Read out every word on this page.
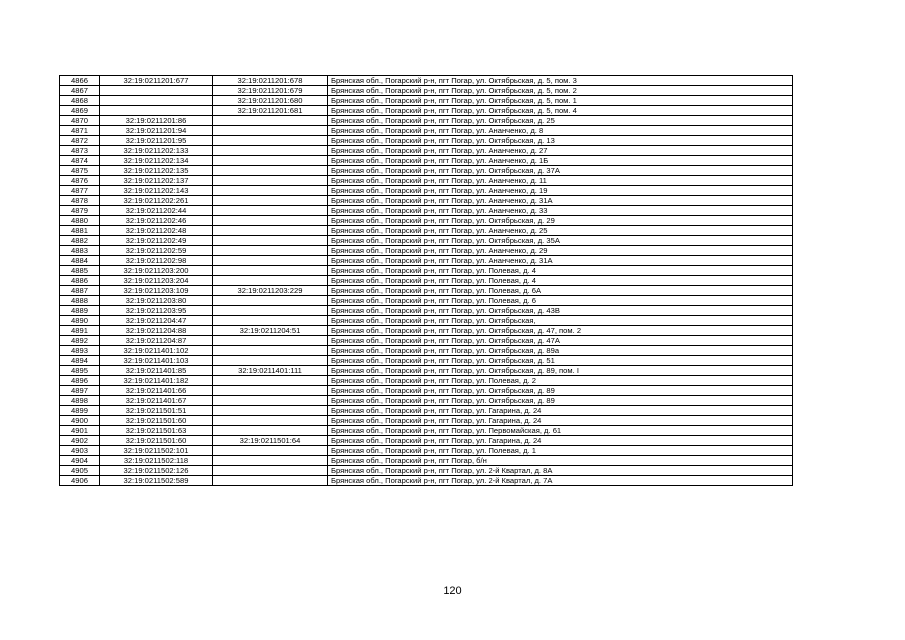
4866	32:19:0211201:677	32:19:0211201:678	Брянская обл., Погарский р-н, пгт Погар, ул. Октябрьская, д. 5, пом. 3
4867		32:19:0211201:679	Брянская обл., Погарский р-н, пгт Погар, ул. Октябрьская, д. 5, пом. 2
4868		32:19:0211201:680	Брянская обл., Погарский р-н, пгт Погар, ул. Октябрьская, д. 5, пом. 1
4869		32:19:0211201:681	Брянская обл., Погарский р-н, пгт Погар, ул. Октябрьская, д. 5, пом. 4
4870	32:19:0211201:86		Брянская обл., Погарский р-н, пгт Погар, ул. Октябрьская, д. 25
4871	32:19:0211201:94		Брянская обл., Погарский р-н, пгт Погар, ул. Ананченко, д. 8
4872	32:19:0211201:95		Брянская обл., Погарский р-н, пгт Погар, ул. Октябрьская, д. 13
4873	32:19:0211202:133		Брянская обл., Погарский р-н, пгт Погар, ул. Ананченко, д. 27
4874	32:19:0211202:134		Брянская обл., Погарский р-н, пгт Погар, ул. Ананченко, д. 1Б
4875	32:19:0211202:135		Брянская обл., Погарский р-н, пгт Погар, ул. Октябрьская, д. 37А
4876	32:19:0211202:137		Брянская обл., Погарский р-н, пгт Погар, ул. Ананченко, д. 11
4877	32:19:0211202:143		Брянская обл., Погарский р-н, пгт Погар, ул. Ананченко, д. 19
4878	32:19:0211202:261		Брянская обл., Погарский р-н, пгт Погар, ул. Ананченко, д. 31А
4879	32:19:0211202:44		Брянская обл., Погарский р-н, пгт Погар, ул. Ананченко, д. 33
4880	32:19:0211202:46		Брянская обл., Погарский р-н, пгт Погар, ул. Октябрьская, д. 29
4881	32:19:0211202:48		Брянская обл., Погарский р-н, пгт Погар, ул. Ананченко, д. 25
4882	32:19:0211202:49		Брянская обл., Погарский р-н, пгт Погар, ул. Октябрьская, д. 35А
4883	32:19:0211202:59		Брянская обл., Погарский р-н, пгт Погар, ул. Ананченко, д. 29
4884	32:19:0211202:98		Брянская обл., Погарский р-н, пгт Погар, ул. Ананченко, д. 31А
4885	32:19:0211203:200		Брянская обл., Погарский р-н, пгт Погар, ул. Полевая, д. 4
4886	32:19:0211203:204		Брянская обл., Погарский р-н, пгт Погар, ул. Полевая, д. 4
4887	32:19:0211203:109	32:19:0211203:229	Брянская обл., Погарский р-н, пгт Погар, ул. Полевая, д. 6А
4888	32:19:0211203:80		Брянская обл., Погарский р-н, пгт Погар, ул. Полевая, д. 6
4889	32:19:0211203:95		Брянская обл., Погарский р-н, пгт Погар, ул. Октябрьская, д. 43В
4890	32:19:0211204:47		Брянская обл., Погарский р-н, пгт Погар, ул. Октябрьская,
4891	32:19:0211204:88	32:19:0211204:51	Брянская обл., Погарский р-н, пгт Погар, ул. Октябрьская, д. 47, пом. 2
4892	32:19:0211204:87		Брянская обл., Погарский р-н, пгт Погар, ул. Октябрьская, д. 47А
4893	32:19:0211401:102		Брянская обл., Погарский р-н, пгт Погар, ул. Октябрьская, д. 89а
4894	32:19:0211401:103		Брянская обл., Погарский р-н, пгт Погар, ул. Октябрьская, д. 51
4895	32:19:0211401:85	32:19:0211401:111	Брянская обл., Погарский р-н, пгт Погар, ул. Октябрьская, д. 89, пом. I
4896	32:19:0211401:182		Брянская обл., Погарский р-н, пгт Погар, ул. Полевая, д. 2
4897	32:19:0211401:66		Брянская обл., Погарский р-н, пгт Погар, ул. Октябрьская, д. 89
4898	32:19:0211401:67		Брянская обл., Погарский р-н, пгт Погар, ул. Октябрьская, д. 89
4899	32:19:0211501:51		Брянская обл., Погарский р-н, пгт Погар, ул. Гагарина, д. 24
4900	32:19:0211501:60		Брянская обл., Погарский р-н, пгт Погар, ул. Гагарина, д. 24
4901	32:19:0211501:63		Брянская обл., Погарский р-н, пгт Погар, ул. Первомайская, д. 61
4902	32:19:0211501:60	32:19:0211501:64	Брянская обл., Погарский р-н, пгт Погар, ул. Гагарина, д. 24
4903	32:19:0211502:101		Брянская обл., Погарский р-н, пгт Погар, ул. Полевая, д. 1
4904	32:19:0211502:118		Брянская обл., Погарский р-н, пгт Погар, б/н
4905	32:19:0211502:126		Брянская обл., Погарский р-н, пгт Погар, ул. 2-й Квартал, д. 8А
4906	32:19:0211502:589		Брянская обл., Погарский р-н, пгт Погар, ул. 2-й Квартал, д. 7А
120
